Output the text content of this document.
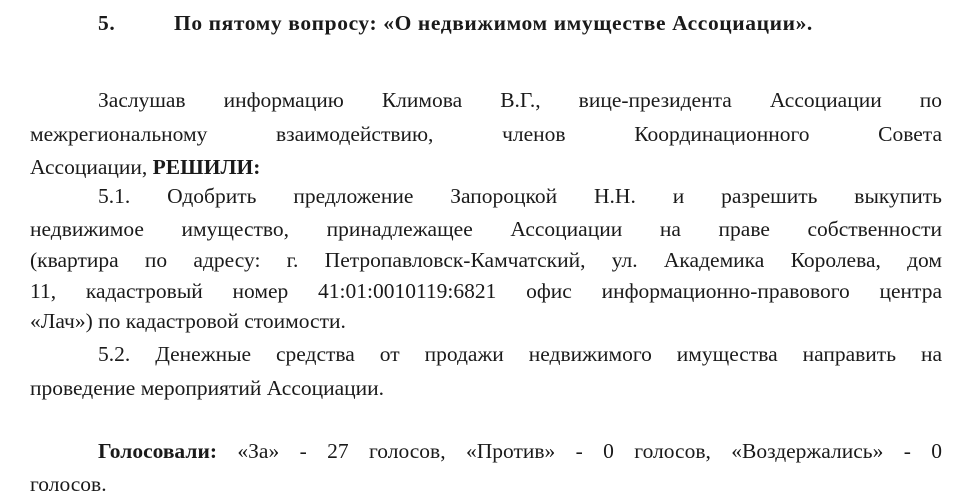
5.	По пятому вопросу: «О недвижимом имуществе Ассоциации».
Заслушав информацию Климова В.Г., вице-президента Ассоциации по
межрегиональному взаимодействию, членов Координационного Совета
Ассоциации, РЕШИЛИ:
5.1. Одобрить предложение Запороцкой Н.Н. и разрешить выкупить
недвижимое имущество, принадлежащее Ассоциации на праве собственности
(квартира по адресу: г. Петропавловск-Камчатский, ул. Академика Королева, дом
11, кадастровый номер 41:01:0010119:6821 офис информационно-правового центра
«Лач») по кадастровой стоимости.
5.2. Денежные средства от продажи недвижимого имущества направить на
проведение мероприятий Ассоциации.
Голосовали: «За» - 27 голосов, «Против» - 0 голосов, «Воздержались» - 0
голосов.
